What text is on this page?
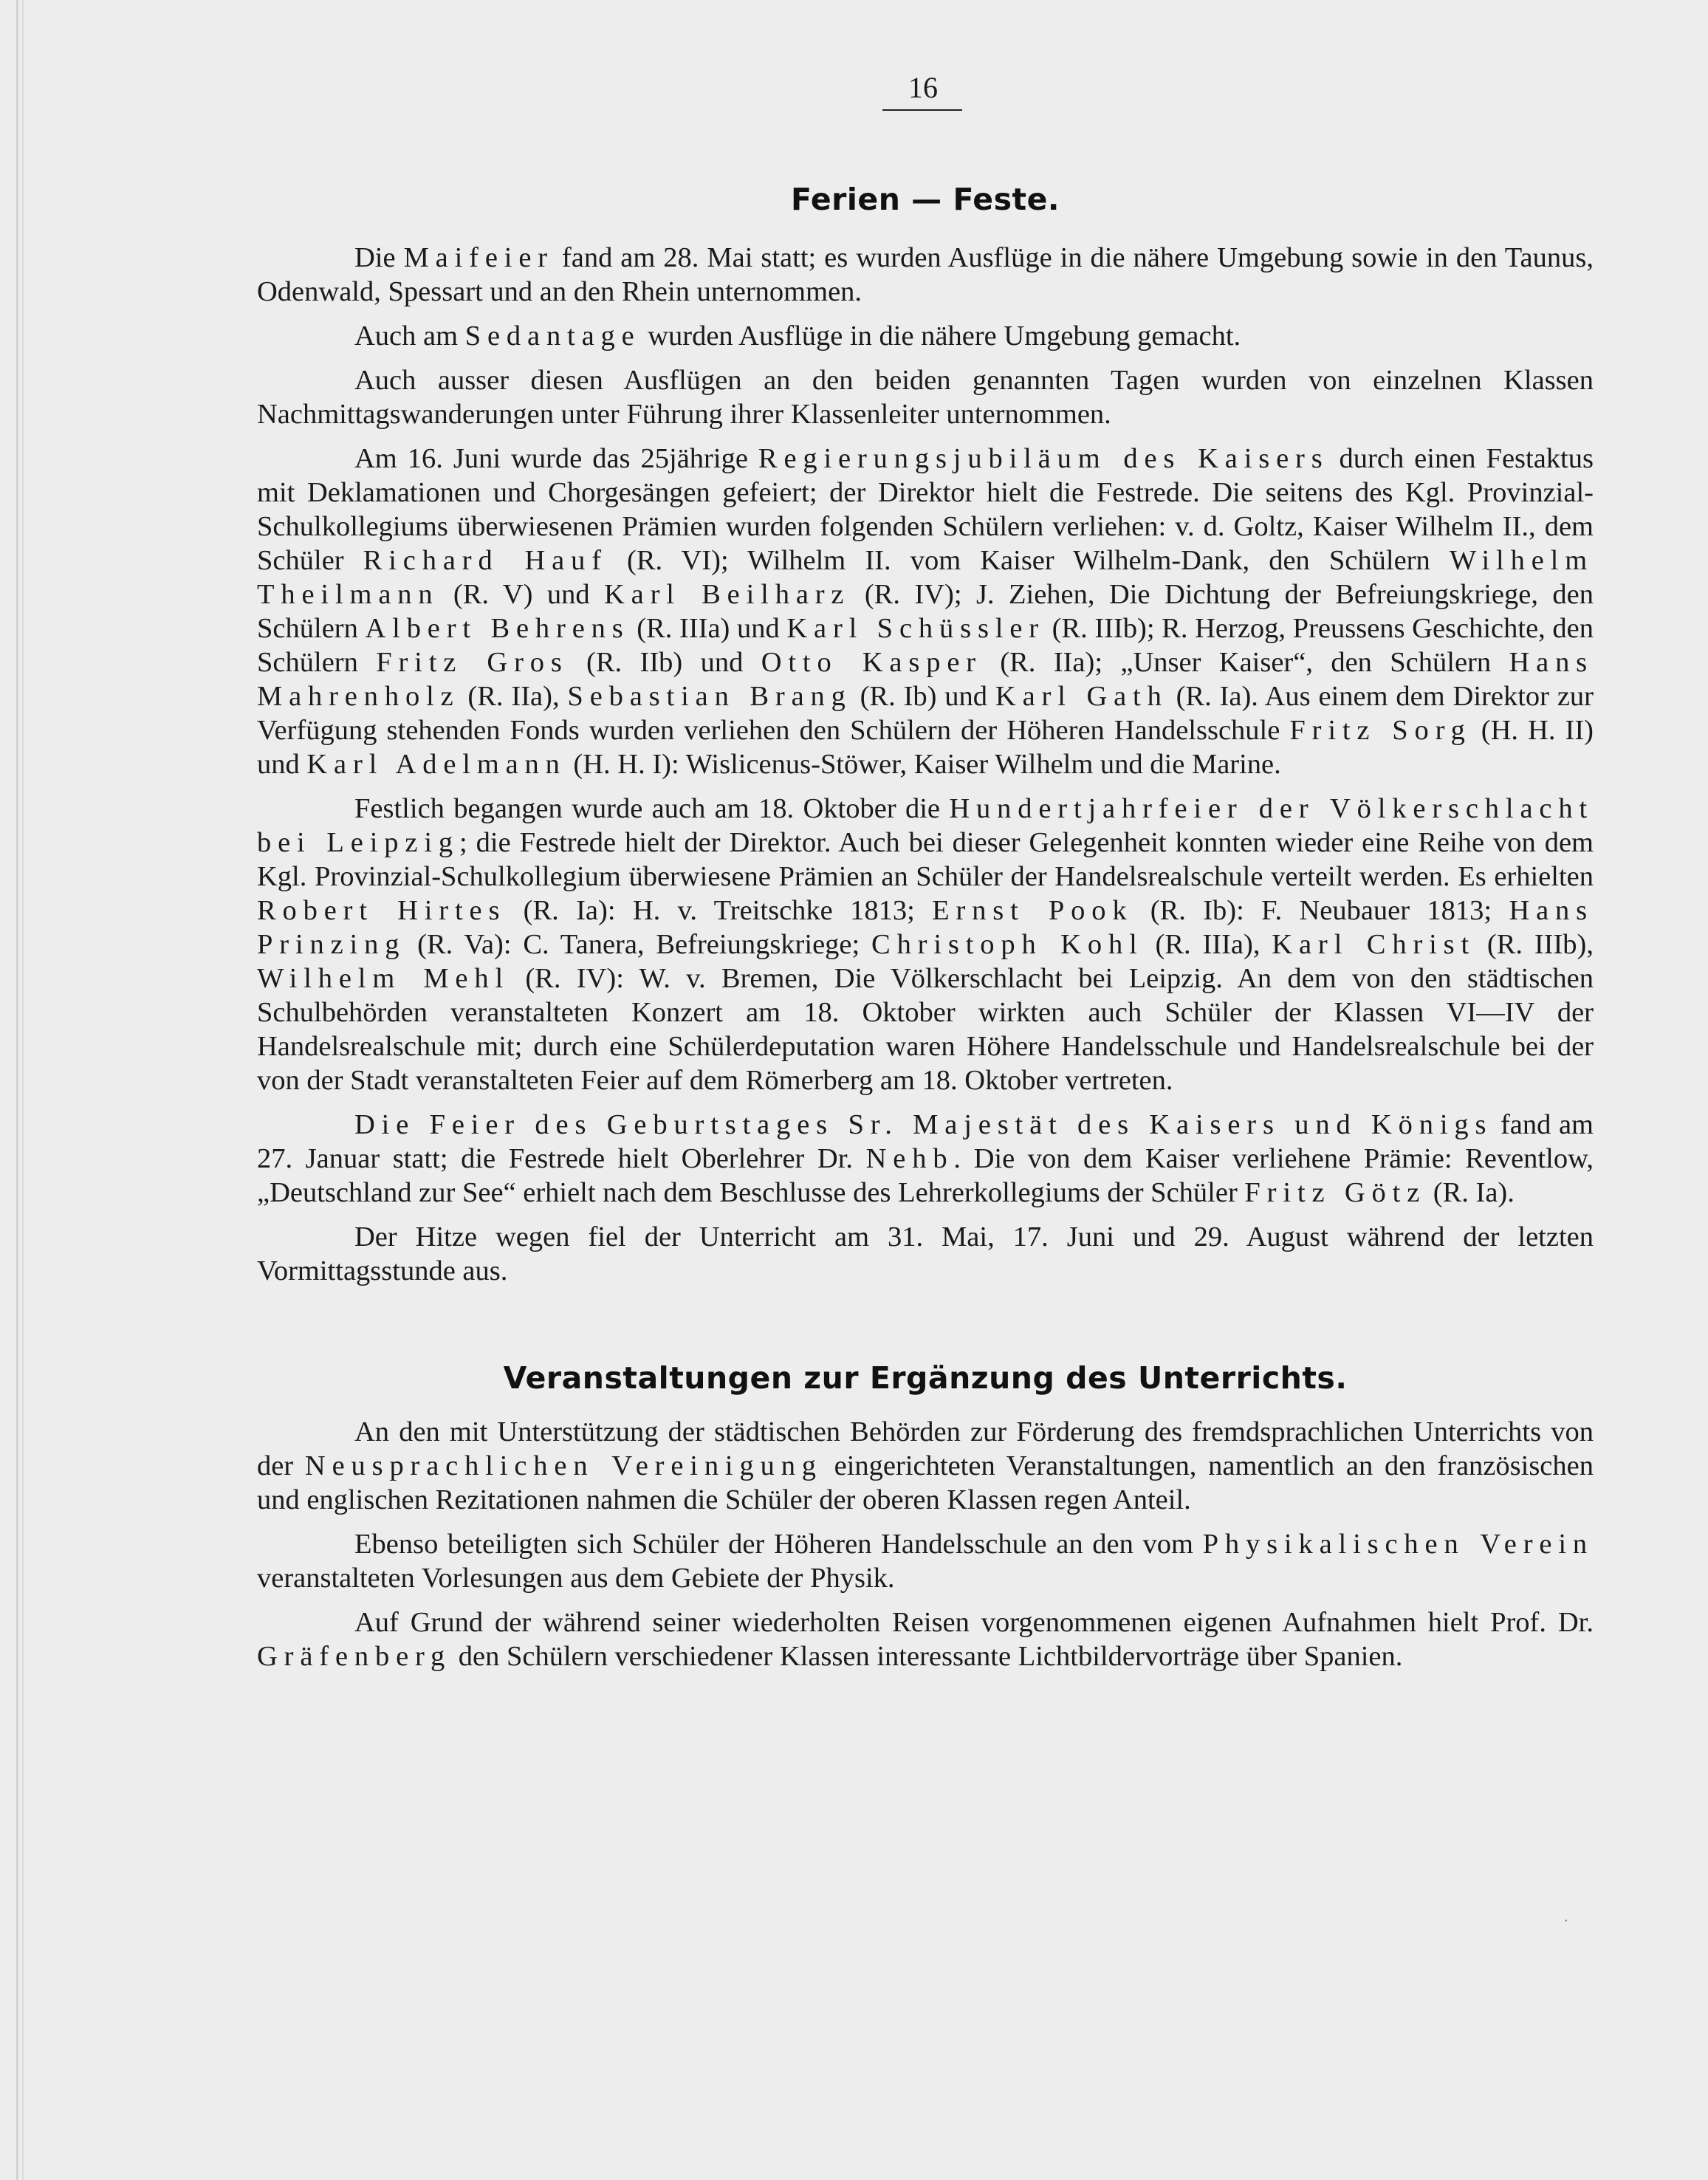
16
Ferien — Feste.

Die Maifeier fand am 28. Mai statt; es wurden Ausflüge in die nähere Umgebung sowie in den Taunus, Odenwald, Spessart und an den Rhein unternommen.

Auch am Sedantage wurden Ausflüge in die nähere Umgebung gemacht.

Auch ausser diesen Ausflügen an den beiden genannten Tagen wurden von einzelnen Klassen Nachmittagswanderungen unter Führung ihrer Klassenleiter unternommen.

Am 16. Juni wurde das 25jährige Regierungsjubiläum des Kaisers durch einen Festaktus mit Deklamationen und Chorgesängen gefeiert; der Direktor hielt die Festrede. Die seitens des Kgl. Provinzial-Schulkollegiums überwiesenen Prämien wurden folgenden Schülern verliehen: v. d. Goltz, Kaiser Wilhelm II., dem Schüler Richard Hauf (R. VI); Wilhelm II. vom Kaiser Wilhelm-Dank, den Schülern Wilhelm Theilmann (R. V) und Karl Beilharz (R. IV); J. Ziehen, Die Dichtung der Befreiungskriege, den Schülern Albert Behrens (R. IIIa) und Karl Schüssler (R. IIIb); R. Herzog, Preussens Geschichte, den Schülern Fritz Gros (R. IIb) und Otto Kasper (R. IIa); „Unser Kaiser“, den Schülern Hans Mahrenholz (R. IIa), Sebastian Brang (R. Ib) und Karl Gath (R. Ia). Aus einem dem Direktor zur Verfügung stehenden Fonds wurden verliehen den Schülern der Höheren Handelsschule Fritz Sorg (H. H. II) und Karl Adelmann (H. H. I): Wislicenus-Stöwer, Kaiser Wilhelm und die Marine.

Festlich begangen wurde auch am 18. Oktober die Hundertjahrfeier der Völkerschlacht bei Leipzig; die Festrede hielt der Direktor. Auch bei dieser Gelegenheit konnten wieder eine Reihe von dem Kgl. Provinzial-Schulkollegium überwiesene Prämien an Schüler der Handelsrealschule verteilt werden. Es erhielten Robert Hirtes (R. Ia): H. v. Treitschke 1813; Ernst Pook (R. Ib): F. Neubauer 1813; Hans Prinzing (R. Va): C. Tanera, Befreiungskriege; Christoph Kohl (R. IIIa), Karl Christ (R. IIIb), Wilhelm Mehl (R. IV): W. v. Bremen, Die Völkerschlacht bei Leipzig. An dem von den städtischen Schulbehörden veranstalteten Konzert am 18. Oktober wirkten auch Schüler der Klassen VI—IV der Handelsrealschule mit; durch eine Schülerdeputation waren Höhere Handelsschule und Handelsrealschule bei der von der Stadt veranstalteten Feier auf dem Römerberg am 18. Oktober vertreten.

Die Feier des Geburtstages Sr. Majestät des Kaisers und Königs fand am 27. Januar statt; die Festrede hielt Oberlehrer Dr. Nehb. Die von dem Kaiser verliehene Prämie: Reventlow, „Deutschland zur See“ erhielt nach dem Beschlusse des Lehrerkollegiums der Schüler Fritz Götz (R. Ia).

Der Hitze wegen fiel der Unterricht am 31. Mai, 17. Juni und 29. August während der letzten Vormittagsstunde aus.

Veranstaltungen zur Ergänzung des Unterrichts.

An den mit Unterstützung der städtischen Behörden zur Förderung des fremdsprachlichen Unterrichts von der Neusprachlichen Vereinigung eingerichteten Veranstaltungen, namentlich an den französischen und englischen Rezitationen nahmen die Schüler der oberen Klassen regen Anteil.

Ebenso beteiligten sich Schüler der Höheren Handelsschule an den vom Physikalischen Verein veranstalteten Vorlesungen aus dem Gebiete der Physik.

Auf Grund der während seiner wiederholten Reisen vorgenommenen eigenen Aufnahmen hielt Prof. Dr. Gräfenberg den Schülern verschiedener Klassen interessante Lichtbildervorträge über Spanien.

·
